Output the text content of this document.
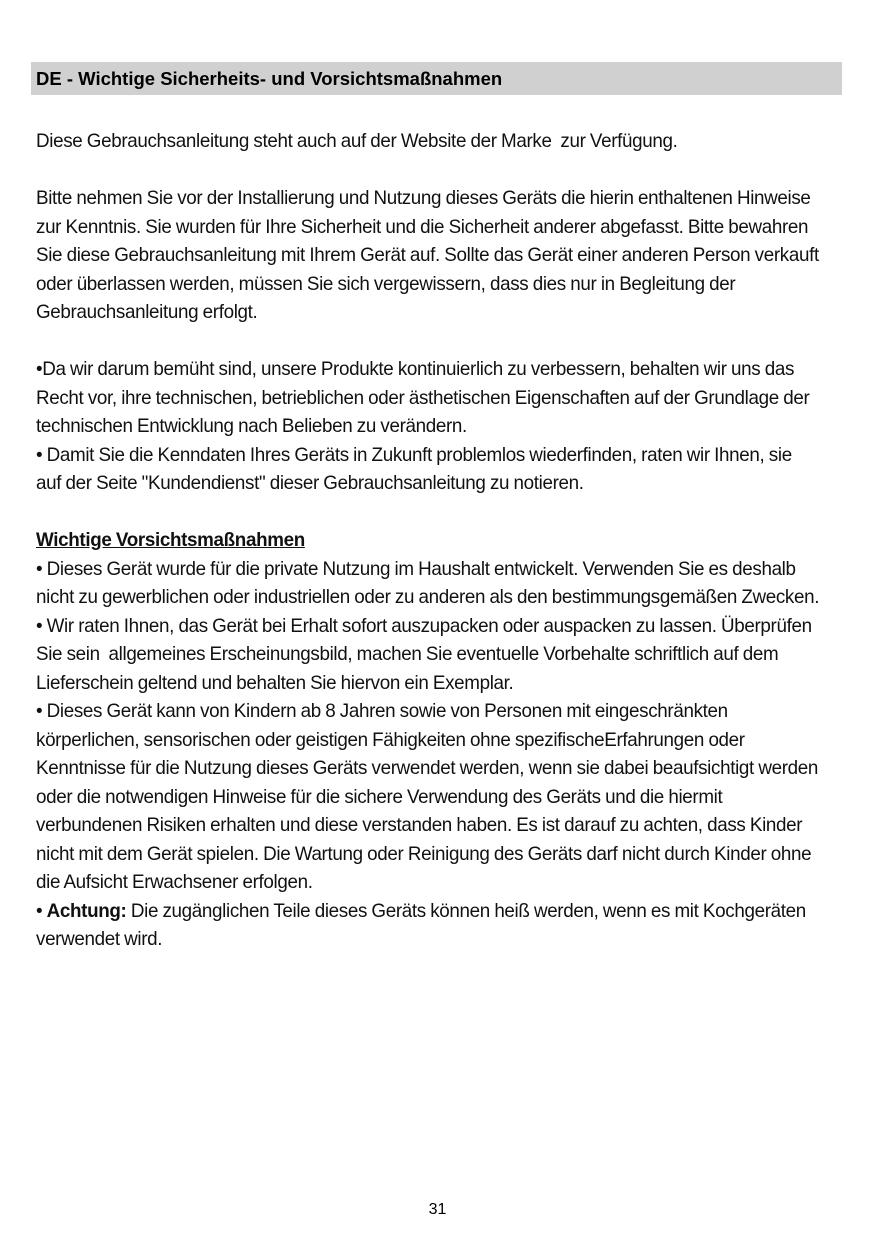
DE - Wichtige Sicherheits- und Vorsichtsmaßnahmen

Diese Gebrauchsanleitung steht auch auf der Website der Marke  zur Verfügung.

Bitte nehmen Sie vor der Installierung und Nutzung dieses Geräts die hierin enthaltenen Hinweise zur Kenntnis. Sie wurden für Ihre Sicherheit und die Sicherheit anderer abgefasst. Bitte bewahren Sie diese Gebrauchsanleitung mit Ihrem Gerät auf. Sollte das Gerät einer anderen Person verkauft oder überlassen werden, müssen Sie sich vergewissern, dass dies nur in Begleitung der Gebrauchsanleitung erfolgt.

•Da wir darum bemüht sind, unsere Produkte kontinuierlich zu verbessern, behalten wir uns das Recht vor, ihre technischen, betrieblichen oder ästhetischen Eigenschaften auf der Grundlage der technischen Entwicklung nach Belieben zu verändern.

• Damit Sie die Kenndaten Ihres Geräts in Zukunft problemlos wiederfinden, raten wir Ihnen, sie auf der Seite "Kundendienst" dieser Gebrauchsanleitung zu notieren.

Wichtige Vorsichtsmaßnahmen

• Dieses Gerät wurde für die private Nutzung im Haushalt entwickelt. Verwenden Sie es deshalb nicht zu gewerblichen oder industriellen oder zu anderen als den bestimmungsgemäßen Zwecken.

• Wir raten Ihnen, das Gerät bei Erhalt sofort auszupacken oder auspacken zu lassen. Überprüfen Sie sein  allgemeines Erscheinungsbild, machen Sie eventuelle Vorbehalte schriftlich auf dem Lieferschein geltend und behalten Sie hiervon ein Exemplar.

• Dieses Gerät kann von Kindern ab 8 Jahren sowie von Personen mit eingeschränkten körperlichen, sensorischen oder geistigen Fähigkeiten ohne spezifischeErfahrungen oder  Kenntnisse für die Nutzung dieses Geräts verwendet werden, wenn sie dabei beaufsichtigt werden oder die notwendigen Hinweise für die sichere Verwendung des Geräts und die hiermit verbundenen Risiken erhalten und diese verstanden haben. Es ist darauf zu achten, dass Kinder nicht mit dem Gerät spielen. Die Wartung oder Reinigung des Geräts darf nicht durch Kinder ohne die Aufsicht Erwachsener erfolgen.

• Achtung: Die zugänglichen Teile dieses Geräts können heiß werden, wenn es mit Kochgeräten verwendet wird.

31
